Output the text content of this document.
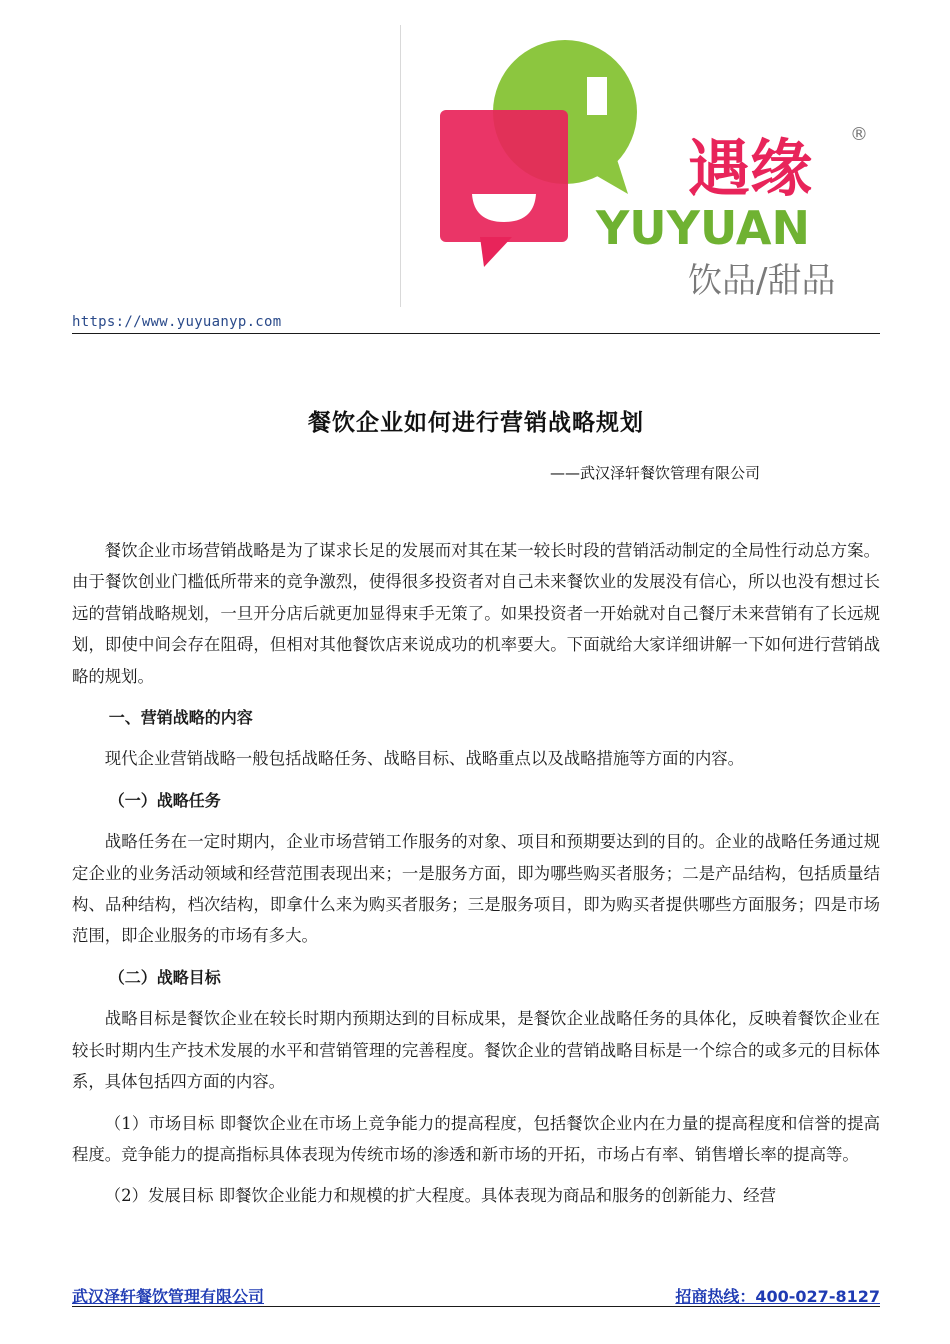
遇缘 ®
YUYUAN
饮品/甜品
https://www.yuyuanyp.com
餐饮企业如何进行营销战略规划
——武汉泽轩餐饮管理有限公司

餐饮企业市场营销战略是为了谋求长足的发展而对其在某一较长时段的营销活动制定的全局性行动总方案。由于餐饮创业门槛低所带来的竞争激烈，使得很多投资者对自己未来餐饮业的发展没有信心，所以也没有想过长远的营销战略规划，一旦开分店后就更加显得束手无策了。如果投资者一开始就对自己餐厅未来营销有了长远规划，即使中间会存在阻碍，但相对其他餐饮店来说成功的机率要大。下面就给大家详细讲解一下如何进行营销战略的规划。

一、营销战略的内容

现代企业营销战略一般包括战略任务、战略目标、战略重点以及战略措施等方面的内容。

（一）战略任务

战略任务在一定时期内，企业市场营销工作服务的对象、项目和预期要达到的目的。企业的战略任务通过规定企业的业务活动领域和经营范围表现出来；一是服务方面，即为哪些购买者服务；二是产品结构，包括质量结构、品种结构，档次结构，即拿什么来为购买者服务；三是服务项目，即为购买者提供哪些方面服务；四是市场范围，即企业服务的市场有多大。

（二）战略目标

战略目标是餐饮企业在较长时期内预期达到的目标成果，是餐饮企业战略任务的具体化，反映着餐饮企业在较长时期内生产技术发展的水平和营销管理的完善程度。餐饮企业的营销战略目标是一个综合的或多元的目标体系，具体包括四方面的内容。

（1）市场目标 即餐饮企业在市场上竞争能力的提高程度，包括餐饮企业内在力量的提高程度和信誉的提高程度。竞争能力的提高指标具体表现为传统市场的渗透和新市场的开拓，市场占有率、销售增长率的提高等。

（2）发展目标 即餐饮企业能力和规模的扩大程度。具体表现为商品和服务的创新能力、经营

武汉泽轩餐饮管理有限公司	招商热线：400-027-8127
